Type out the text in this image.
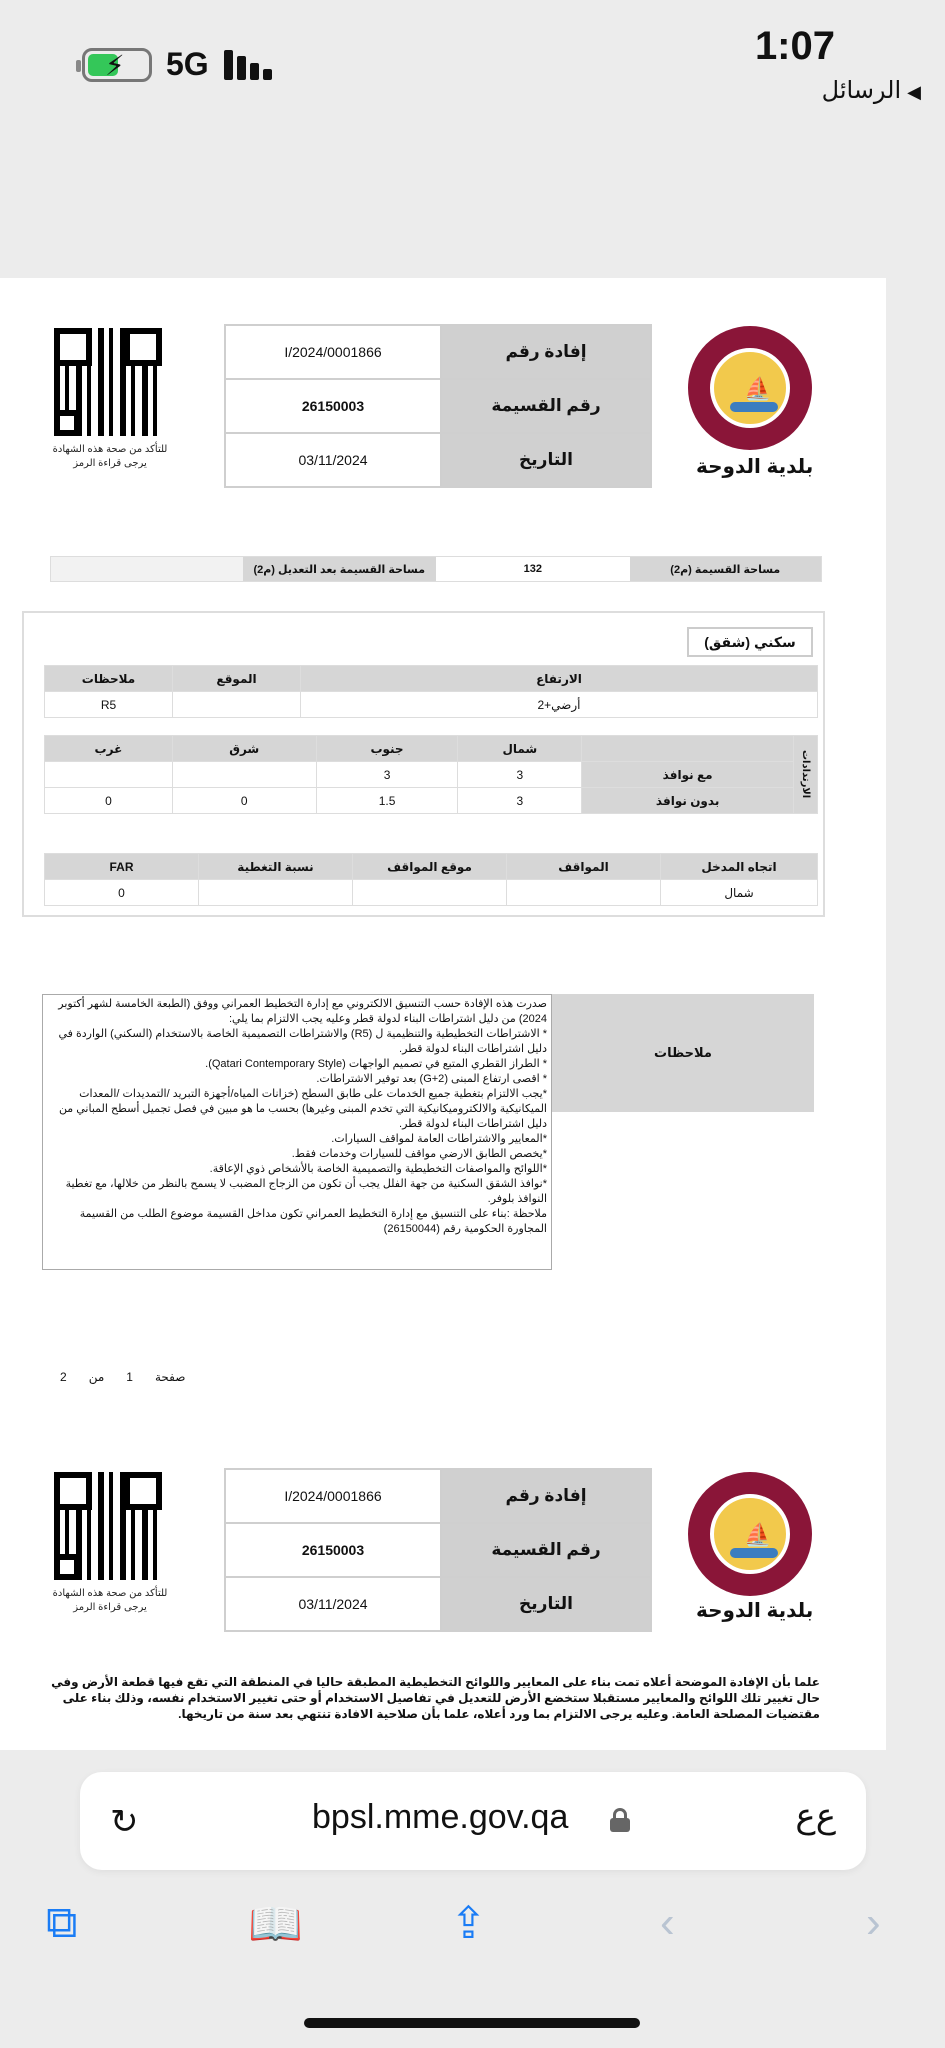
⚡ 5G	1:07
◀الرسائل
للتأكد من صحة هذه الشهادة يرجى قراءة الرمز
I/2024/0001866	إفادة رقم
26150003	رقم القسيمة
03/11/2024	التاريخ
⛵
بلدية الدوحة
مساحة القسيمة بعد التعديل (م2)	132	مساحة القسيمة (م2)
سكني (شقق)
ملاحظات	الموقع	الارتفاع
R5		أرضي+2
غرب	شرق	جنوب	شمال		الارتدادات
		3	3	مع نوافذ	
0	0	1.5	3	بدون نوافذ	
FAR	نسبة التغطية	موقع المواقف	المواقف	اتجاه المدخل
0				شمال
صدرت هذه الإفادة حسب التنسيق الالكتروني مع إدارة التخطيط العمراني ووفق (الطبعة الخامسة لشهر أكتوبر 2024) من دليل اشتراطات البناء لدولة قطر وعليه يجب الالتزام بما يلي:
* الاشتراطات التخطيطية والتنظيمية ل (R5) والاشتراطات التصميمية الخاصة بالاستخدام (السكني) الواردة في دليل اشتراطات البناء لدولة قطر.
* الطراز القطري المتبع في تصميم الواجهات (Qatari Contemporary Style).
* اقصى ارتفاع المبنى (G+2) بعد توفير الاشتراطات.
*يجب الالتزام بتغطية جميع الخدمات على طابق السطح (خزانات المياه/أجهزة التبريد /التمديدات /المعدات الميكانيكية والالكتروميكانيكية التي تخدم المبنى وغيرها) بحسب ما هو مبين في فصل تجميل أسطح المباني من دليل اشتراطات البناء لدولة قطر.
*المعايير والاشتراطات العامة لمواقف السيارات.
*يخصص الطابق الارضي مواقف للسيارات وخدمات فقط.
*اللوائح والمواصفات التخطيطية والتصميمية الخاصة بالأشخاص ذوي الإعاقة.
*نوافذ الشقق السكنية من جهة الفلل يجب أن تكون من الزجاج المضبب لا يسمح بالنظر من خلالها، مع تغطية النوافذ بلوفر.
ملاحظة :بناء على التنسيق مع إدارة التخطيط العمراني تكون مداخل القسيمة موضوع الطلب من القسيمة المجاورة الحكومية رقم (26150044)
ملاحظات
2 من 1 صفحة
للتأكد من صحة هذه الشهادة يرجى قراءة الرمز
I/2024/0001866	إفادة رقم
26150003	رقم القسيمة
03/11/2024	التاريخ
⛵
بلدية الدوحة
علما بأن الإفادة الموضحة أعلاه تمت بناء على المعايير واللوائح التخطيطية المطبقة حاليا في المنطقة التي تقع فيها قطعة الأرض وفي حال تغيير تلك اللوائح والمعايير مستقبلا ستخضع الأرض للتعديل في تفاصيل الاستخدام أو حتى تغيير الاستخدام نفسه، وذلك بناء على مقتضيات المصلحة العامة. وعليه يرجى الالتزام بما ورد أعلاه، علما بأن صلاحية الافادة تنتهي بعد سنة من تاريخها.
↻	bpsl.mme.gov.qa	ﻉﻉ
⧉	📖	⇪	‹	›
